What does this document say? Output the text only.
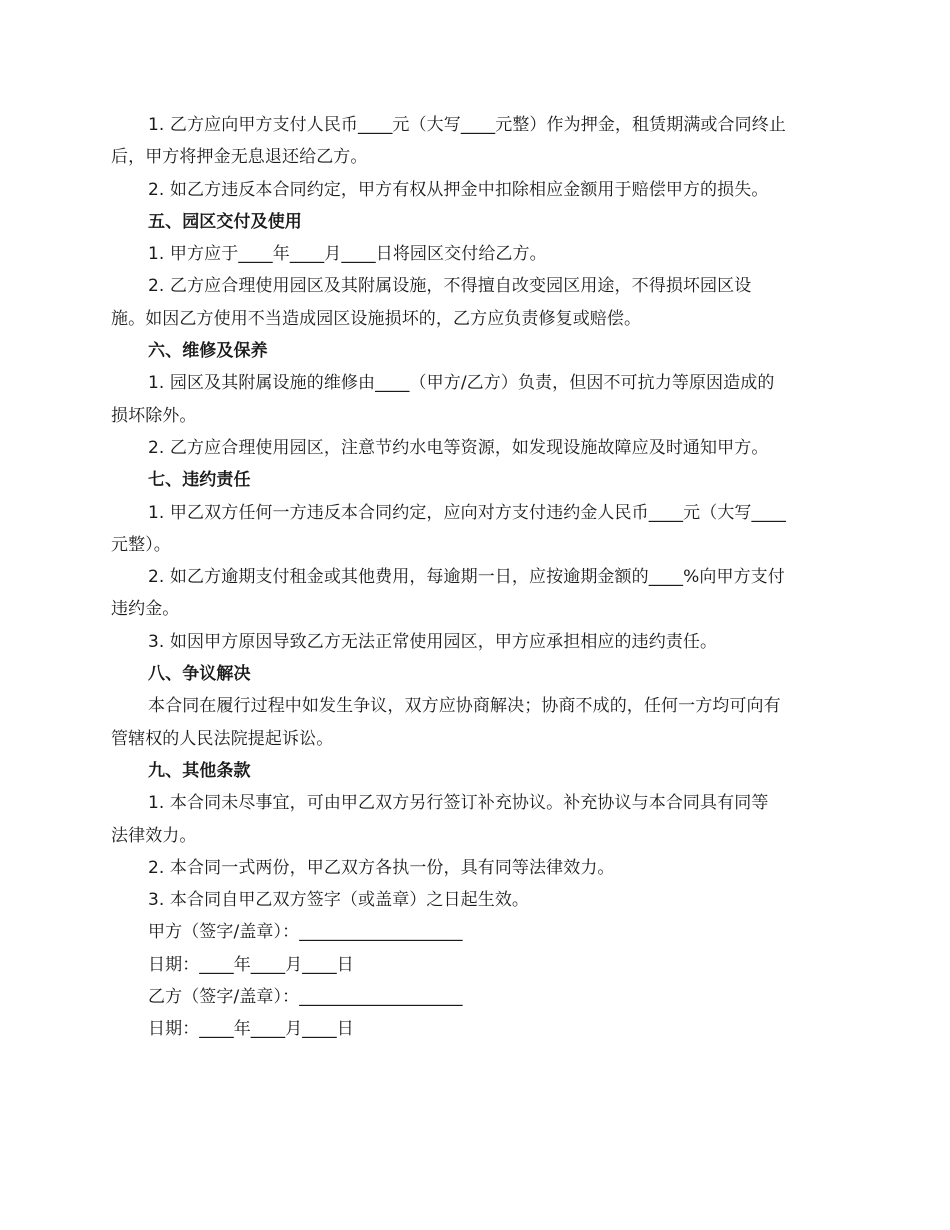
1. 乙方应向甲方支付人民币____元（大写____元整）作为押金，租赁期满或合同终止
后，甲方将押金无息退还给乙方。
2. 如乙方违反本合同约定，甲方有权从押金中扣除相应金额用于赔偿甲方的损失。
五、园区交付及使用
1. 甲方应于____年____月____日将园区交付给乙方。
2. 乙方应合理使用园区及其附属设施，不得擅自改变园区用途，不得损坏园区设
施。如因乙方使用不当造成园区设施损坏的，乙方应负责修复或赔偿。
六、维修及保养
1. 园区及其附属设施的维修由____（甲方/乙方）负责，但因不可抗力等原因造成的
损坏除外。
2. 乙方应合理使用园区，注意节约水电等资源，如发现设施故障应及时通知甲方。
七、违约责任
1. 甲乙双方任何一方违反本合同约定，应向对方支付违约金人民币____元（大写____
元整）。
2. 如乙方逾期支付租金或其他费用，每逾期一日，应按逾期金额的____%向甲方支付
违约金。
3. 如因甲方原因导致乙方无法正常使用园区，甲方应承担相应的违约责任。
八、争议解决
本合同在履行过程中如发生争议，双方应协商解决；协商不成的，任何一方均可向有
管辖权的人民法院提起诉讼。
九、其他条款
1. 本合同未尽事宜，可由甲乙双方另行签订补充协议。补充协议与本合同具有同等
法律效力。
2. 本合同一式两份，甲乙双方各执一份，具有同等法律效力。
3. 本合同自甲乙双方签字（或盖章）之日起生效。
甲方（签字/盖章）：___________________
日期：____年____月____日
乙方（签字/盖章）：___________________
日期：____年____月____日
